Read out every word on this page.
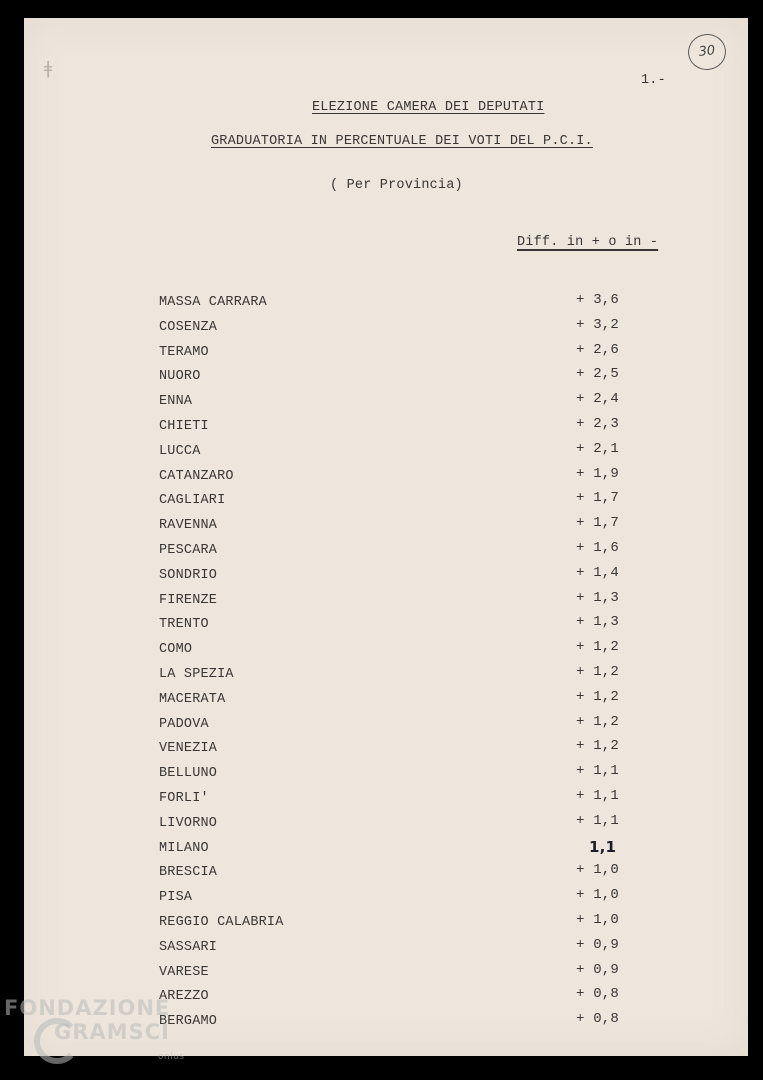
ǂ
30
1.-
ELEZIONE CAMERA DEI DEPUTATI
GRADUATORIA IN PERCENTUALE DEI VOTI DEL P.C.I.
( Per Provincia)
Diff. in + o in -
MASSA CARRARA	+ 3,6
COSENZA	+ 3,2
TERAMO	+ 2,6
NUORO	+ 2,5
ENNA	+ 2,4
CHIETI	+ 2,3
LUCCA	+ 2,1
CATANZARO	+ 1,9
CAGLIARI	+ 1,7
RAVENNA	+ 1,7
PESCARA	+ 1,6
SONDRIO	+ 1,4
FIRENZE	+ 1,3
TRENTO	+ 1,3
COMO	+ 1,2
LA SPEZIA	+ 1,2
MACERATA	+ 1,2
PADOVA	+ 1,2
VENEZIA	+ 1,2
BELLUNO	+ 1,1
FORLI'	+ 1,1
LIVORNO	+ 1,1
MILANO	1,1
BRESCIA	+ 1,0
PISA	+ 1,0
REGGIO CALABRIA	+ 1,0
SASSARI	+ 0,9
VARESE	+ 0,9
AREZZO	+ 0,8
BERGAMO	+ 0,8
FONDAZIONE
GRAMSCI
onlus
